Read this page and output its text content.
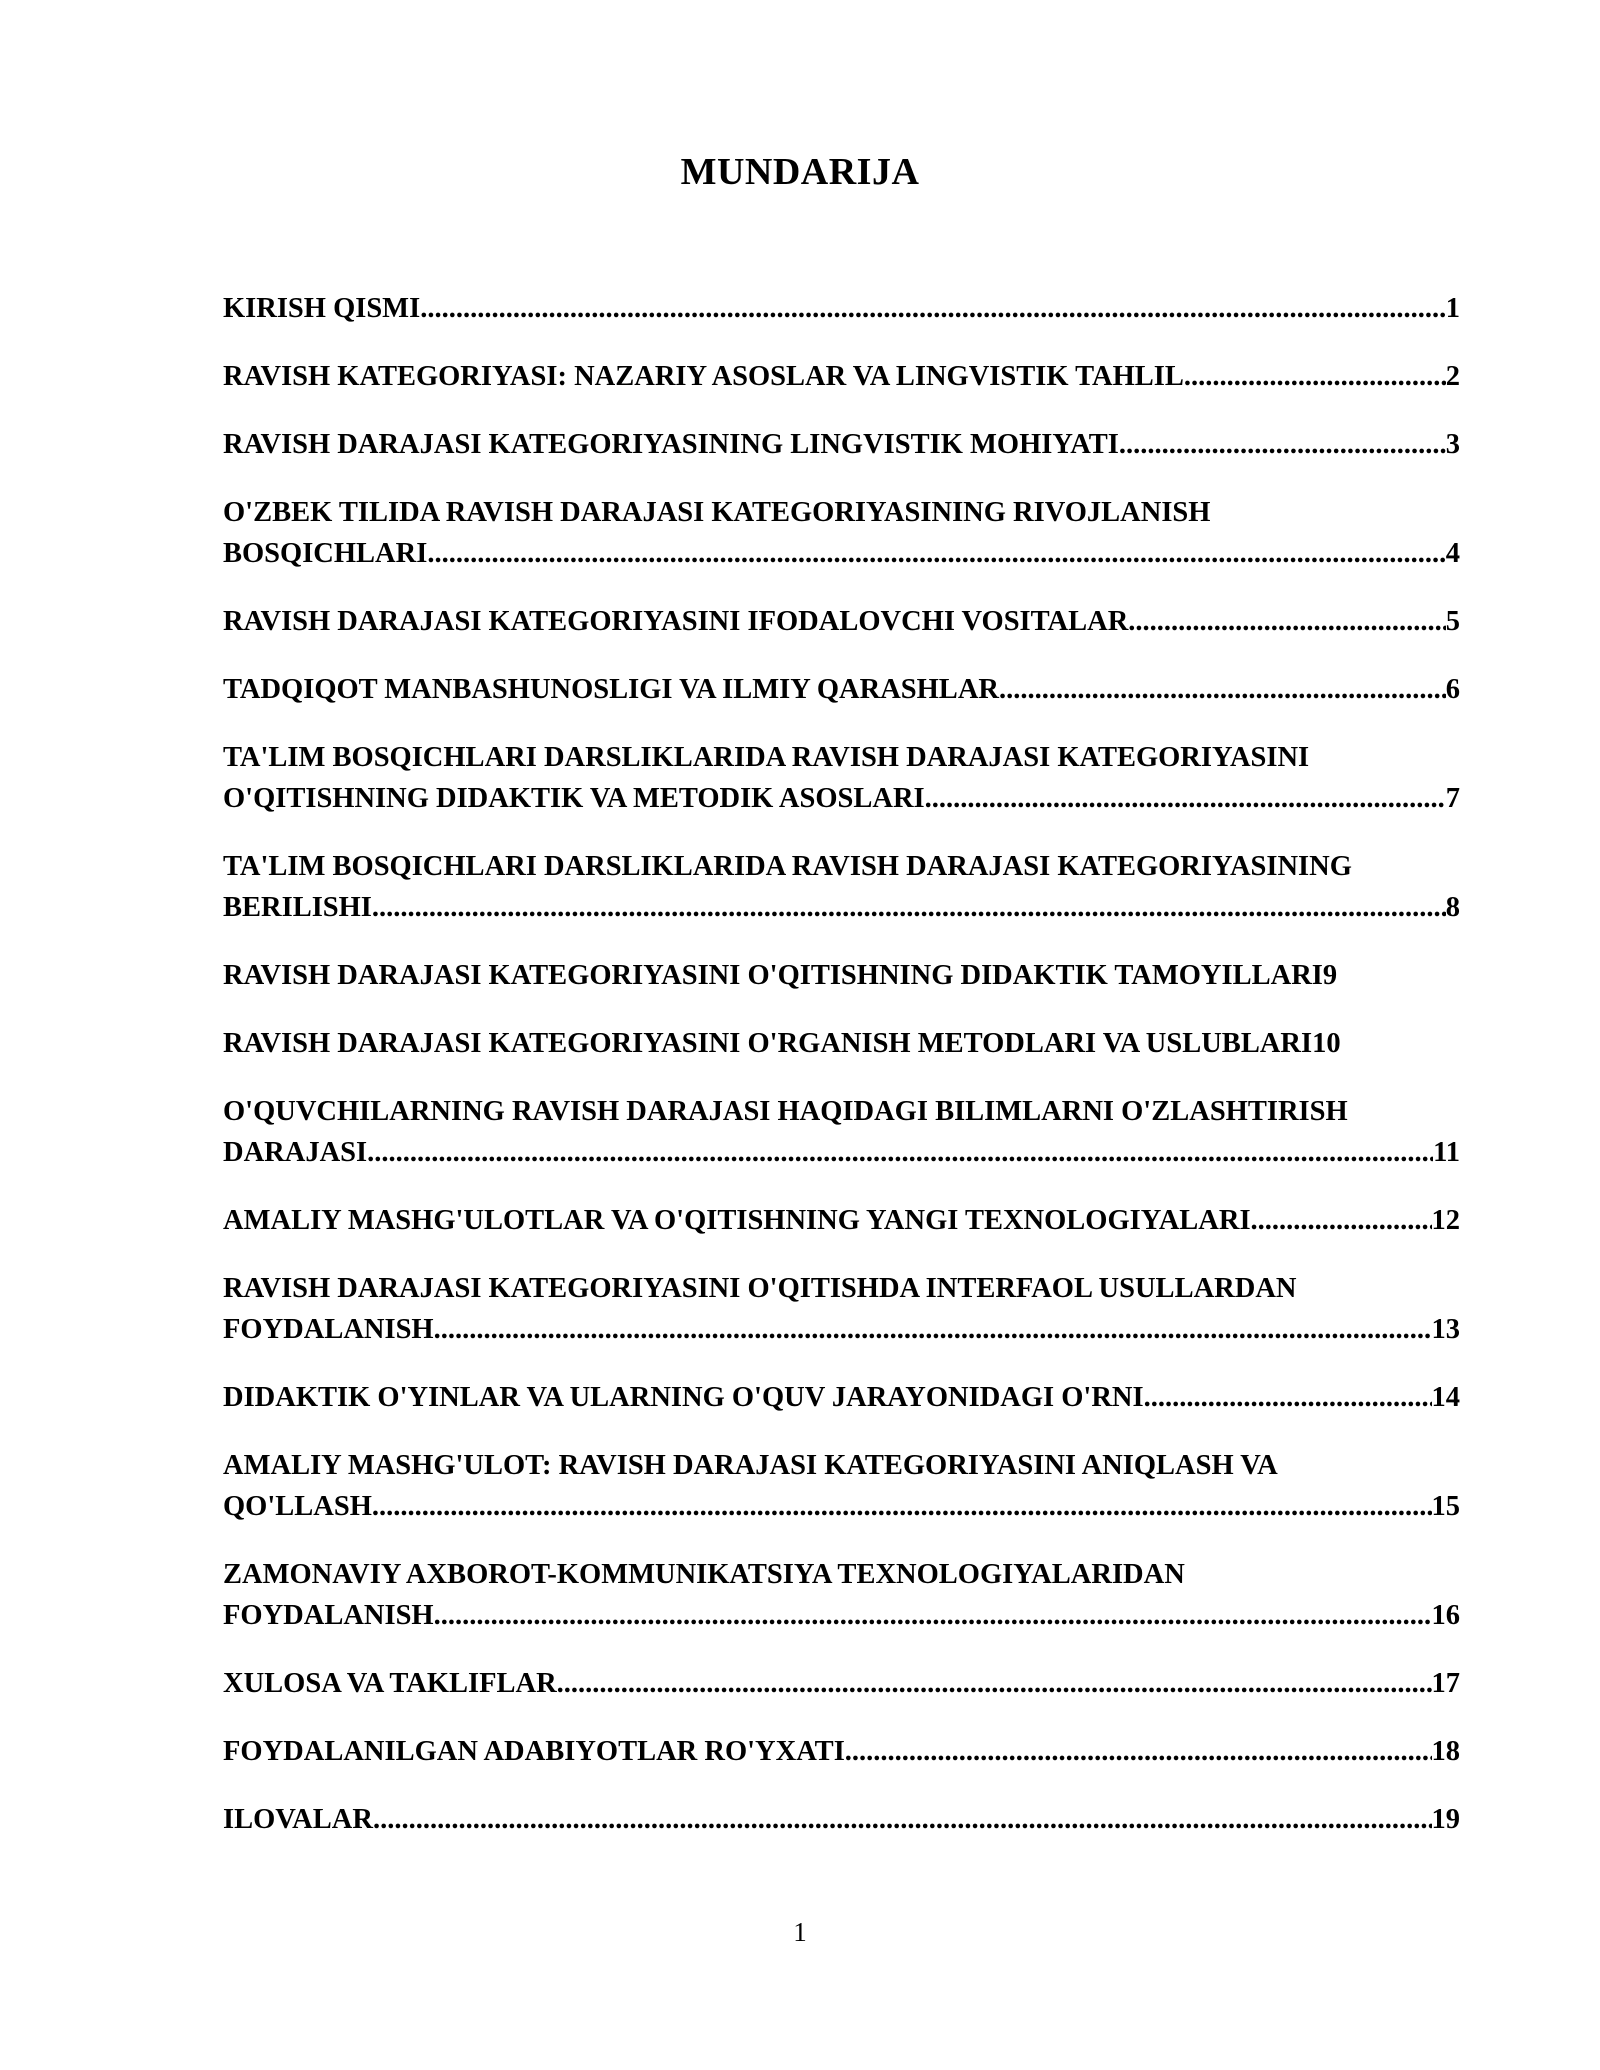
MUNDARIJA
KIRISH QISMI .....	1
RAVISH KATEGORIYASI: NAZARIY ASOSLAR VA LINGVISTIK TAHLIL .....	2
RAVISH DARAJASI KATEGORIYASINING LINGVISTIK MOHIYATI .....	3
O'ZBEK TILIDA RAVISH DARAJASI KATEGORIYASINING RIVOJLANISH
BOSQICHLARI .....	4
RAVISH DARAJASI KATEGORIYASINI IFODALOVCHI VOSITALAR .....	5
TADQIQOT MANBASHUNOSLIGI VA ILMIY QARASHLAR .....	6
TA'LIM BOSQICHLARI DARSLIKLARIDA RAVISH DARAJASI KATEGORIYASINI
O'QITISHNING DIDAKTIK VA METODIK ASOSLARI .....	7
TA'LIM BOSQICHLARI DARSLIKLARIDA RAVISH DARAJASI KATEGORIYASINING
BERILISHI .....	8
RAVISH DARAJASI KATEGORIYASINI O'QITISHNING DIDAKTIK TAMOYILLARI 9
RAVISH DARAJASI KATEGORIYASINI O'RGANISH METODLARI VA USLUBLARI 10
O'QUVCHILARNING RAVISH DARAJASI HAQIDAGI BILIMLARNI O'ZLASHTIRISH
DARAJASI .....	11
AMALIY MASHG'ULOTLAR VA O'QITISHNING YANGI TEXNOLOGIYALARI .....	12
RAVISH DARAJASI KATEGORIYASINI O'QITISHDA INTERFAOL USULLARDAN
FOYDALANISH .....	13
DIDAKTIK O'YINLAR VA ULARNING O'QUV JARAYONIDAGI O'RNI .....	14
AMALIY MASHG'ULOT: RAVISH DARAJASI KATEGORIYASINI ANIQLASH VA
QO'LLASH .....	15
ZAMONAVIY AXBOROT-KOMMUNIKATSIYA TEXNOLOGIYALARIDAN
FOYDALANISH .....	16
XULOSA VA TAKLIFLAR .....	17
FOYDALANILGAN ADABIYOTLAR RO'YXATI .....	18
ILOVALAR .....	19
1
